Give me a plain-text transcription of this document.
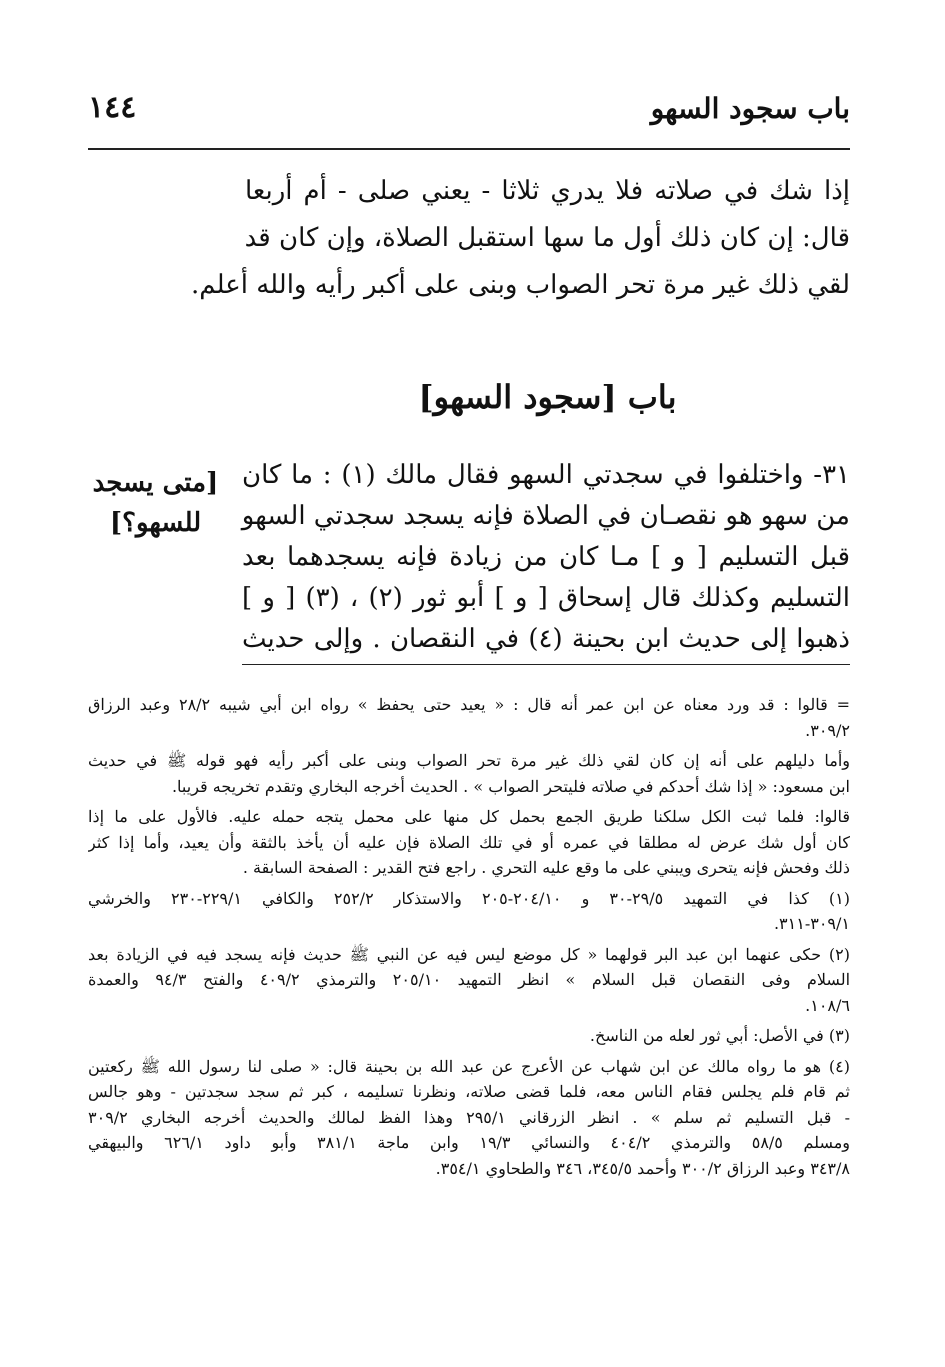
١٤٤	باب سجود السهو
إذا شك في صلاته فلا يدري ثلاثا - يعني صلى - أم أربعا
قال: إن كان ذلك أول ما سها استقبل الصلاة، وإن كان قد
لقي ذلك غير مرة تحر الصواب وبنى على أكبر رأيه والله أعلم.
باب [سجود السهو]
[متى يسجد
للسهو؟]
٣١- واختلفوا في سجدتي السهو فقال مالك (١) : ما كان
من سهو هو نقصـان في الصلاة فإنه يسجد سجدتي السهو
قبل التسليم [ و ] مـا كان من زيادة فإنه يسجدهما بعد
التسليم وكذلك قال إسحاق [ و ] أبو ثور (٢) ، (٣) [ و ]
ذهبوا إلى حديث ابن بحينة (٤) في النقصان . وإلى حديث
= قالوا : قد ورد معناه عن ابن عمر أنه قال : « يعيد حتى يحفظ » رواه ابن أبي شيبه ٢٨/٢ وعبد الرزاق
٣٠٩/٢.
وأما دليلهم على أنه إن كان لقي ذلك غير مرة تحر الصواب وبنى على أكبر رأيه فهو قوله ﷺ في حديث
ابن مسعود: « إذا شك أحدكم في صلاته فليتحر الصواب » . الحديث أخرجه البخاري وتقدم تخريجه قريبا.
قالوا: فلما ثبت الكل سلكنا طريق الجمع بحمل كل منها على محمل يتجه حمله عليه. فالأول على ما إذا
كان أول شك عرض له مطلقا في عمره أو في تلك الصلاة فإن عليه أن يأخذ بالثقة وأن يعيد، وأما إذا كثر
ذلك وفحش فإنه يتحرى ويبني على ما وقع عليه التحري . راجع فتح القدير : الصفحة السابقة .
(١) كذا في التمهيد ٢٩/٥-٣٠ و ٢٠٤/١٠-٢٠٥ والاستذكار ٢٥٢/٢ والكافي ٢٢٩/١-٢٣٠ والخرشي
٣٠٩/١-٣١١.
(٢) حكى عنهما ابن عبد البر قولهما « كل موضع ليس فيه عن النبي ﷺ حديث فإنه يسجد فيه في الزيادة بعد
السلام وفى النقصان قبل السلام » انظر التمهيد ٢٠٥/١٠ والترمذي ٤٠٩/٢ والفتح ٩٤/٣ والعمدة
١٠٨/٦.
(٣) في الأصل: أبي ثور لعله من الناسخ.
(٤) هو ما رواه مالك عن ابن شهاب عن الأعرج عن عبد الله بن بحينة قال: « صلى لنا رسول الله ﷺ ركعتين
ثم قام فلم يجلس فقام الناس معه، فلما قضى صلاته، ونظرنا تسليمه ، كبر ثم سجد سجدتين - وهو جالس
- قبل التسليم ثم سلم » . انظر الزرقاني ٢٩٥/١ وهذا الفظ لمالك والحديث أخرجه البخاري ٣٠٩/٢
ومسلم ٥٨/٥ والترمذي ٤٠٤/٢ والنسائي ١٩/٣ وابن ماجة ٣٨١/١ وأبو داود ٦٢٦/١ والبيهقي
٣٤٣/٨ وعبد الرزاق ٣٠٠/٢ وأحمد ٣٤٥/٥، ٣٤٦ والطحاوي ٣٥٤/١.
